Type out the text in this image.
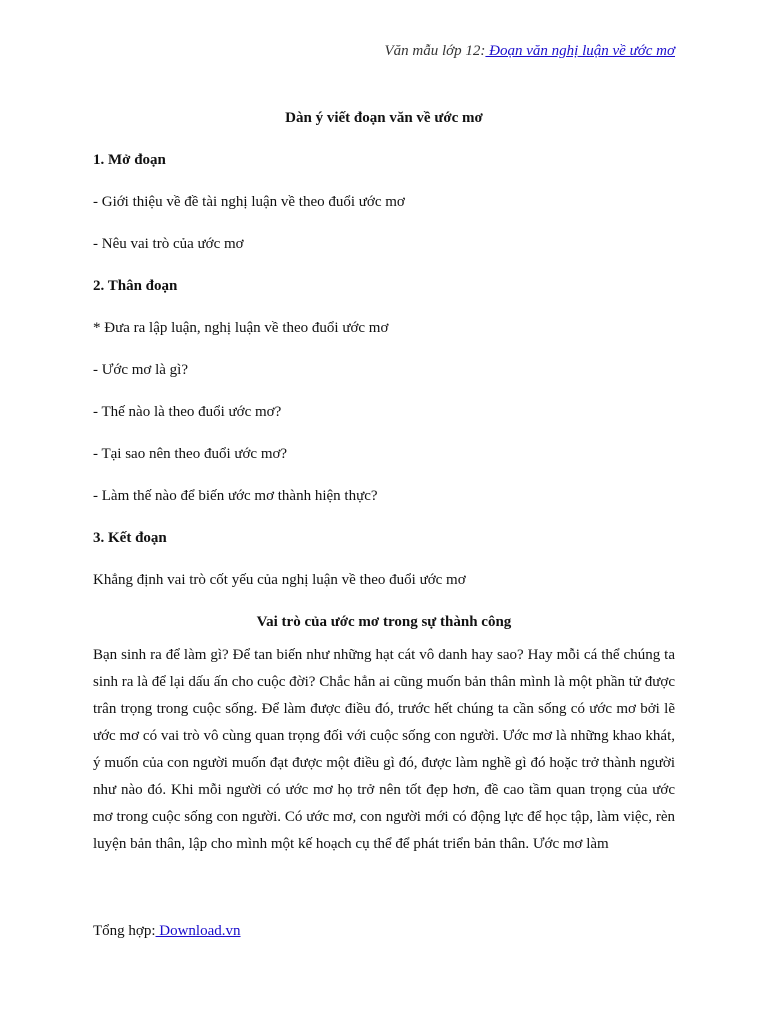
Văn mẫu lớp 12: Đoạn văn nghị luận về ước mơ
Dàn ý viết đoạn văn về ước mơ
1. Mở đoạn
- Giới thiệu về đề tài nghị luận về theo đuổi ước mơ
- Nêu vai trò của ước mơ
2. Thân đoạn
* Đưa ra lập luận, nghị luận về theo đuổi ước mơ
- Ước mơ là gì?
- Thế nào là theo đuổi ước mơ?
- Tại sao nên theo đuổi ước mơ?
- Làm thế nào để biến ước mơ thành hiện thực?
3. Kết đoạn
Khẳng định vai trò cốt yếu của nghị luận về theo đuổi ước mơ
Vai trò của ước mơ trong sự thành công
Bạn sinh ra để làm gì? Để tan biến như những hạt cát vô danh hay sao? Hay mỗi cá thể chúng ta sinh ra là để lại dấu ấn cho cuộc đời? Chắc hẳn ai cũng muốn bản thân mình là một phần tử được trân trọng trong cuộc sống. Để làm được điều đó, trước hết chúng ta cần sống có ước mơ bởi lẽ ước mơ có vai trò vô cùng quan trọng đối với cuộc sống con người. Ước mơ là những khao khát, ý muốn của con người muốn đạt được một điều gì đó, được làm nghề gì đó hoặc trở thành người như nào đó. Khi mỗi người có ước mơ họ trở nên tốt đẹp hơn, đề cao tầm quan trọng của ước mơ trong cuộc sống con người. Có ước mơ, con người mới có động lực để học tập, làm việc, rèn luyện bản thân, lập cho mình một kế hoạch cụ thể để phát triển bản thân. Ước mơ làm
Tổng hợp: Download.vn
